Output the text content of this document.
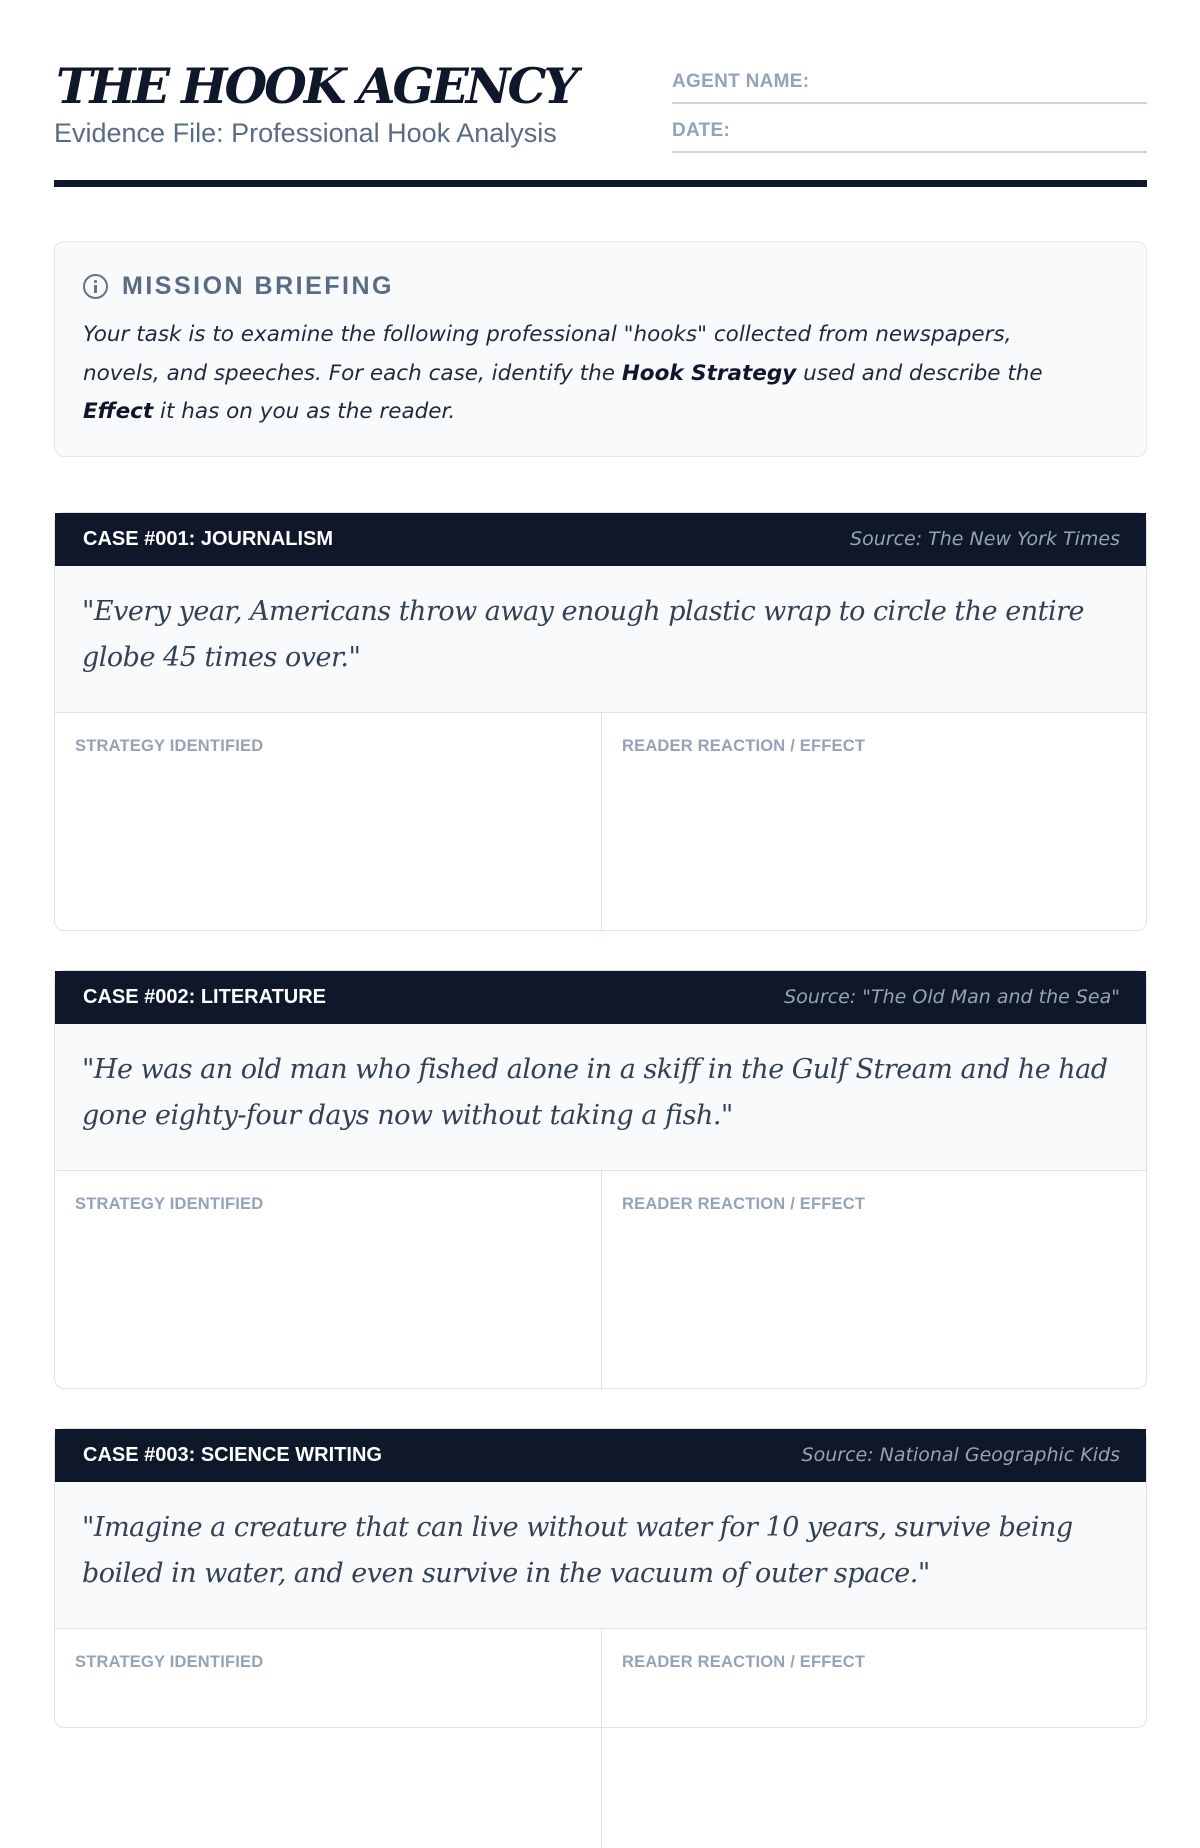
THE HOOK AGENCY
Evidence File: Professional Hook Analysis
AGENT NAME:
DATE:
MISSION BRIEFING

Your task is to examine the following professional "hooks" collected from newspapers, novels, and speeches. For each case, identify the Hook Strategy used and describe the Effect it has on you as the reader.

CASE #001: JOURNALISM	Source: The New York Times

"Every year, Americans throw away enough plastic wrap to circle the entire globe 45 times over."

STRATEGY IDENTIFIED	READER REACTION / EFFECT
CASE #002: LITERATURE	Source: "The Old Man and the Sea"

"He was an old man who fished alone in a skiff in the Gulf Stream and he had gone eighty-four days now without taking a fish."

STRATEGY IDENTIFIED	READER REACTION / EFFECT
CASE #003: SCIENCE WRITING	Source: National Geographic Kids

"Imagine a creature that can live without water for 10 years, survive being boiled in water, and even survive in the vacuum of outer space."

STRATEGY IDENTIFIED	READER REACTION / EFFECT
